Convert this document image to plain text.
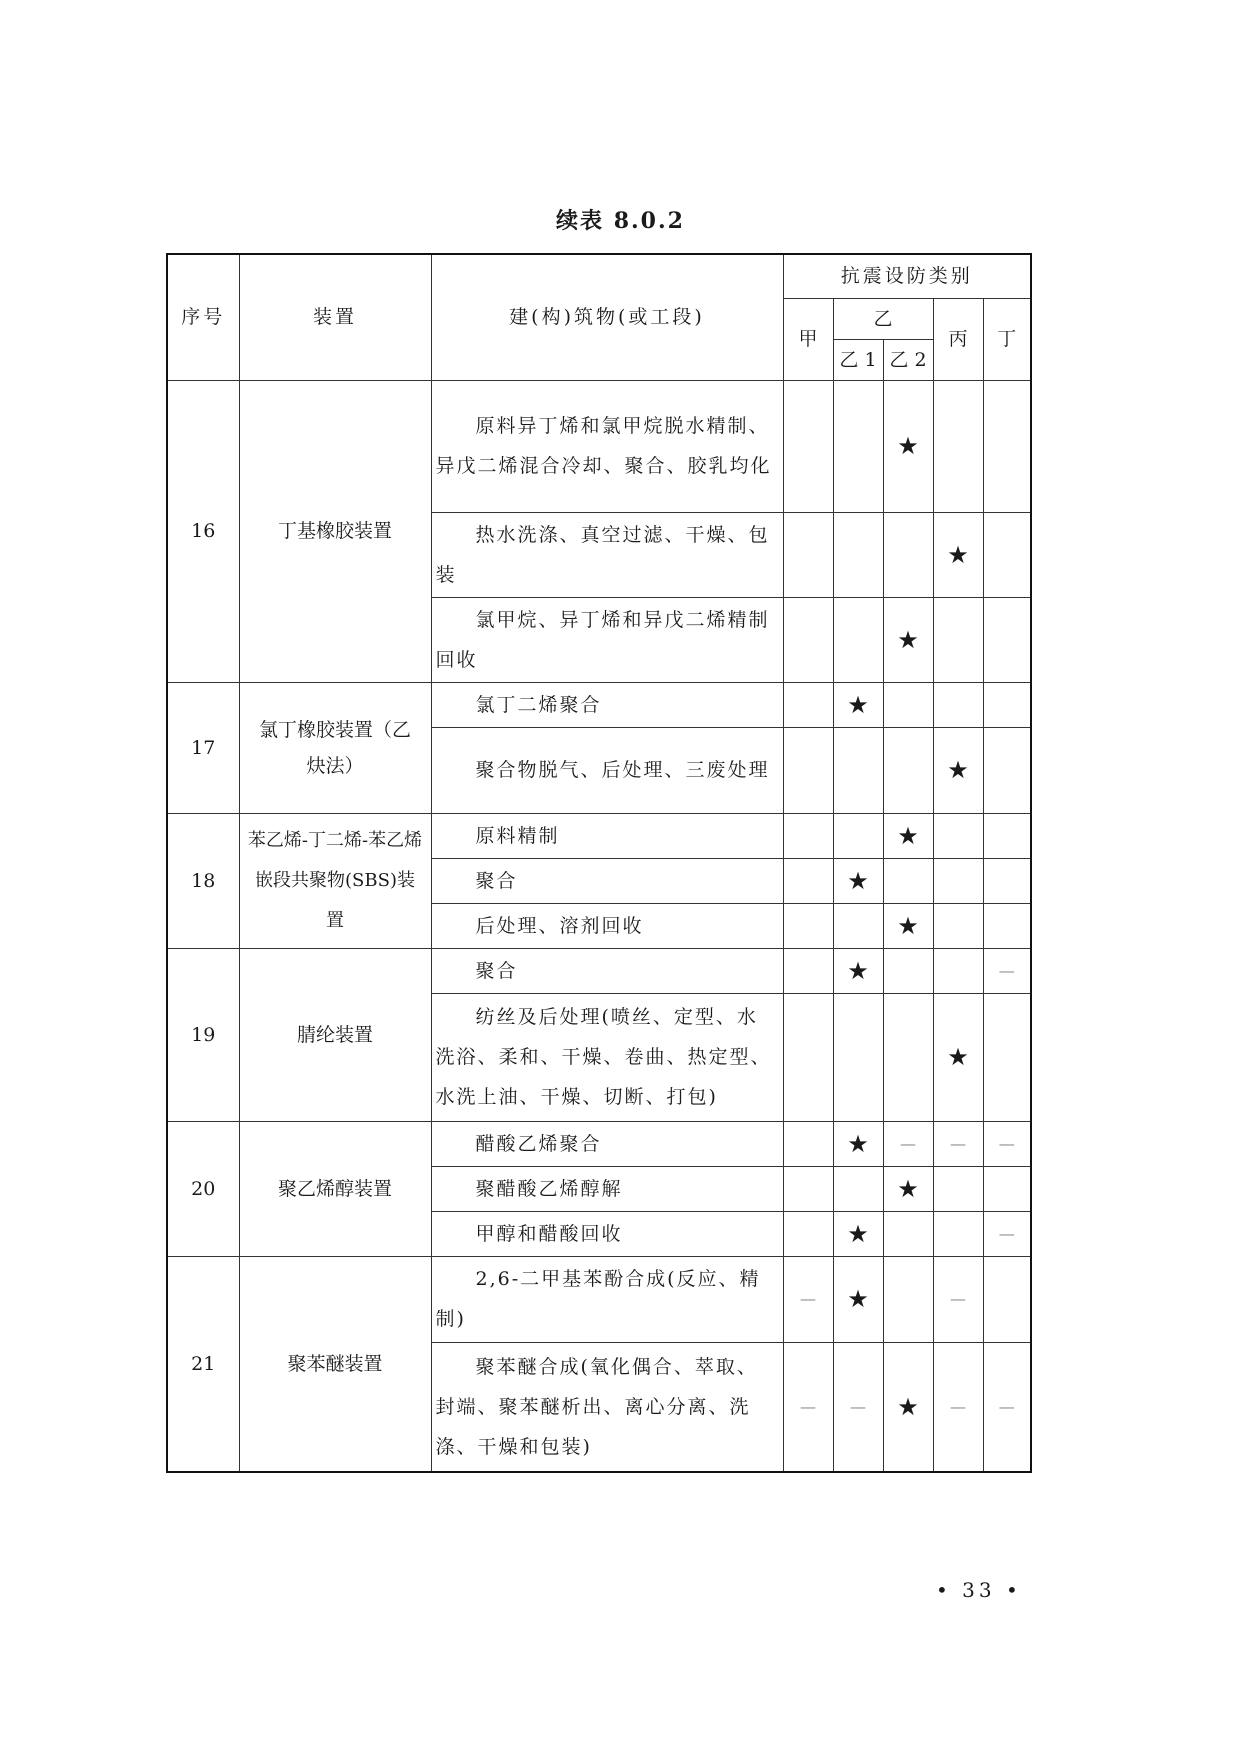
续表 8.0.2
序号	装置	建(构)筑物(或工段)	抗震设防类别				
			甲	乙		丙	丁
				乙 1	乙 2		
16	丁基橡胶装置	原料异丁烯和氯甲烷脱水精制、异戊二烯混合冷却、聚合、胶乳均化			★		

		热水洗涤、真空过滤、干燥、包装				★	

		氯甲烷、异丁烯和异戊二烯精制回收			★		
17	氯丁橡胶装置（乙炔法）	氯丁二烯聚合		★			

		聚合物脱气、后处理、三废处理				★	
18	苯乙烯-丁二烯-苯乙烯嵌段共聚物(SBS)装置	原料精制			★		

		聚合		★			

		后处理、溶剂回收			★		
19	腈纶装置	聚合		★			—

		纺丝及后处理(喷丝、定型、水洗浴、柔和、干燥、卷曲、热定型、水洗上油、干燥、切断、打包)				★	
20	聚乙烯醇装置	醋酸乙烯聚合		★	—	—	—

		聚醋酸乙烯醇解			★		

		甲醇和醋酸回收		★			—
21	聚苯醚装置	2,6-二甲基苯酚合成(反应、精制)	—	★		—	

		聚苯醚合成(氧化偶合、萃取、封端、聚苯醚析出、离心分离、洗涤、干燥和包装)	—	—	★	—	—
• 33 •
